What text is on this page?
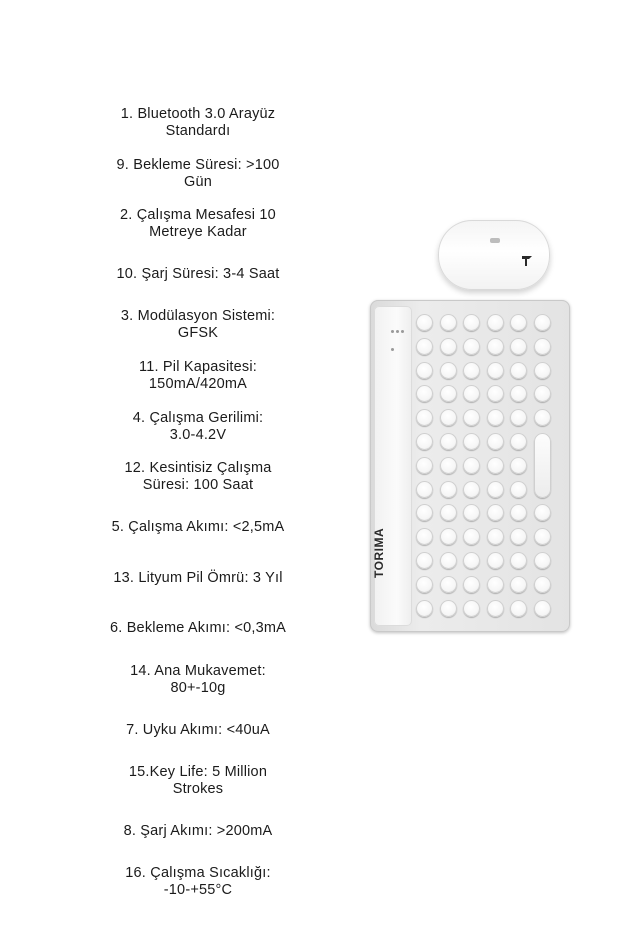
1. Bluetooth 3.0 Arayüz
Standardı
9. Bekleme Süresi: >100
Gün
2. Çalışma Mesafesi 10
Metreye Kadar
10. Şarj Süresi: 3-4 Saat
3. Modülasyon Sistemi:
GFSK
11. Pil Kapasitesi:
150mA/420mA
4. Çalışma Gerilimi:
3.0-4.2V
12. Kesintisiz Çalışma
Süresi: 100 Saat
5. Çalışma Akımı: <2,5mA
13. Lityum Pil Ömrü: 3 Yıl
6. Bekleme Akımı: <0,3mA
14. Ana Mukavemet:
80+-10g
7. Uyku Akımı: <40uA
15.Key Life: 5 Million
Strokes
8. Şarj Akımı: >200mA
16. Çalışma Sıcaklığı:
-10-+55°C
TORIMA
